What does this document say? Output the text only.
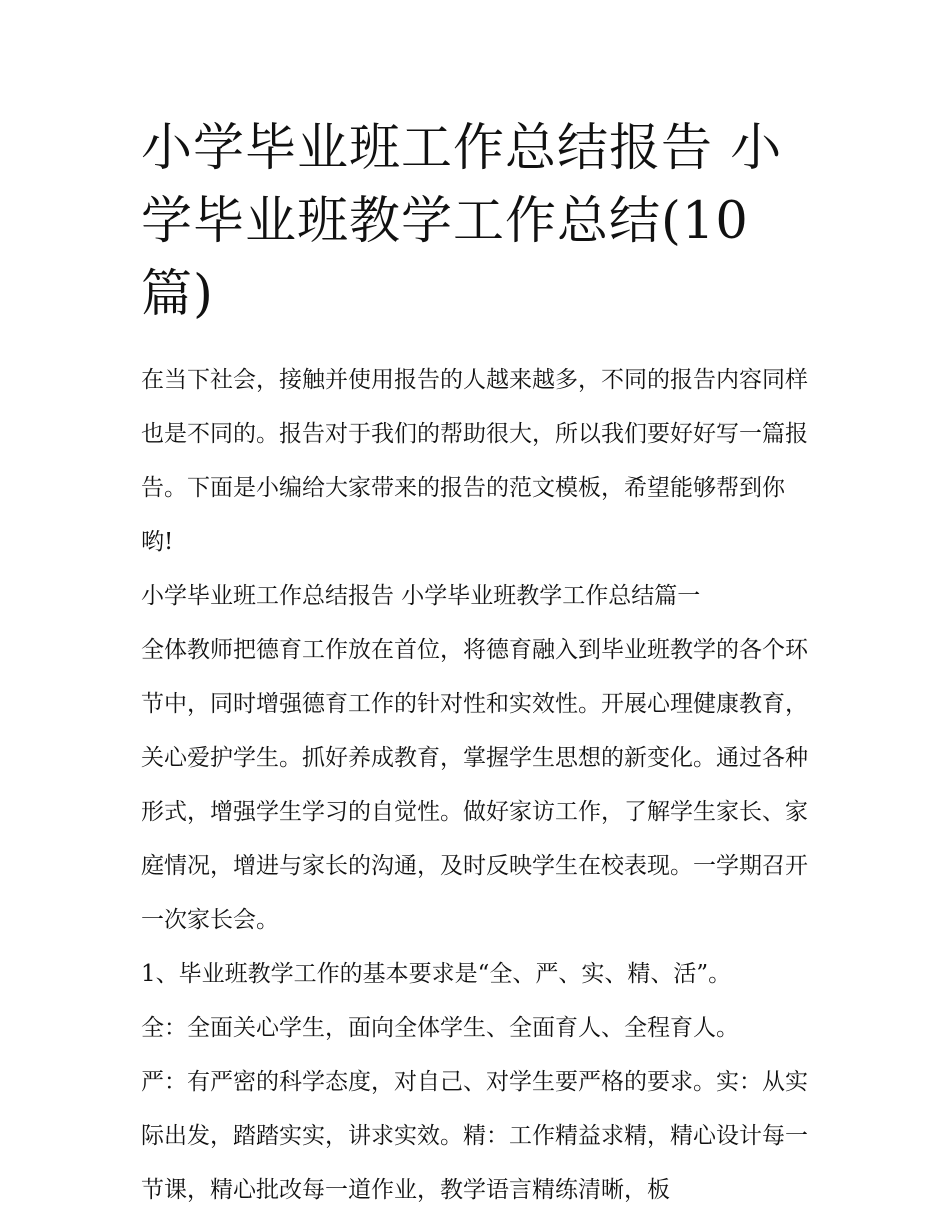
小学毕业班工作总结报告 小学毕业班教学工作总结(10 篇)

在当下社会，接触并使用报告的人越来越多，不同的报告内容同样也是不同的。报告对于我们的帮助很大，所以我们要好好写一篇报告。下面是小编给大家带来的报告的范文模板，希望能够帮到你哟!

小学毕业班工作总结报告 小学毕业班教学工作总结篇一

全体教师把德育工作放在首位，将德育融入到毕业班教学的各个环节中，同时增强德育工作的针对性和实效性。开展心理健康教育，关心爱护学生。抓好养成教育，掌握学生思想的新变化。通过各种形式，增强学生学习的自觉性。做好家访工作，了解学生家长、家庭情况，增进与家长的沟通，及时反映学生在校表现。一学期召开一次家长会。

1、毕业班教学工作的基本要求是“全、严、实、精、活”。

全：全面关心学生，面向全体学生、全面育人、全程育人。

严：有严密的科学态度，对自己、对学生要严格的要求。实：从实际出发，踏踏实实，讲求实效。精：工作精益求精，精心设计每一节课，精心批改每一道作业，教学语言精练清晰，板
